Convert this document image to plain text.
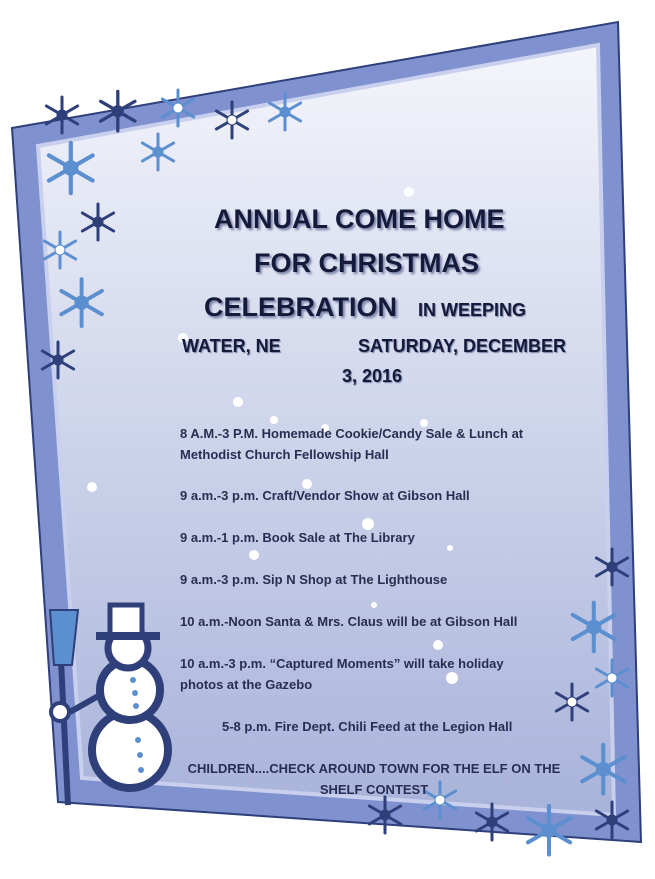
ANNUAL COME HOME
FOR CHRISTMAS
CELEBRATION IN WEEPING
WATER, NE	SATURDAY, DECEMBER
3, 2016
8 A.M.-3 P.M. Homemade Cookie/Candy Sale & Lunch at
Methodist Church Fellowship Hall
9 a.m.-3 p.m. Craft/Vendor Show at Gibson Hall
9 a.m.-1 p.m. Book Sale at The Library
9 a.m.-3 p.m. Sip N Shop at The Lighthouse
10 a.m.-Noon Santa & Mrs. Claus will be at Gibson Hall
10 a.m.-3 p.m. “Captured Moments” will take holiday
photos at the Gazebo
5-8 p.m. Fire Dept. Chili Feed at the Legion Hall
CHILDREN....CHECK AROUND TOWN FOR THE ELF ON THE
SHELF CONTEST
